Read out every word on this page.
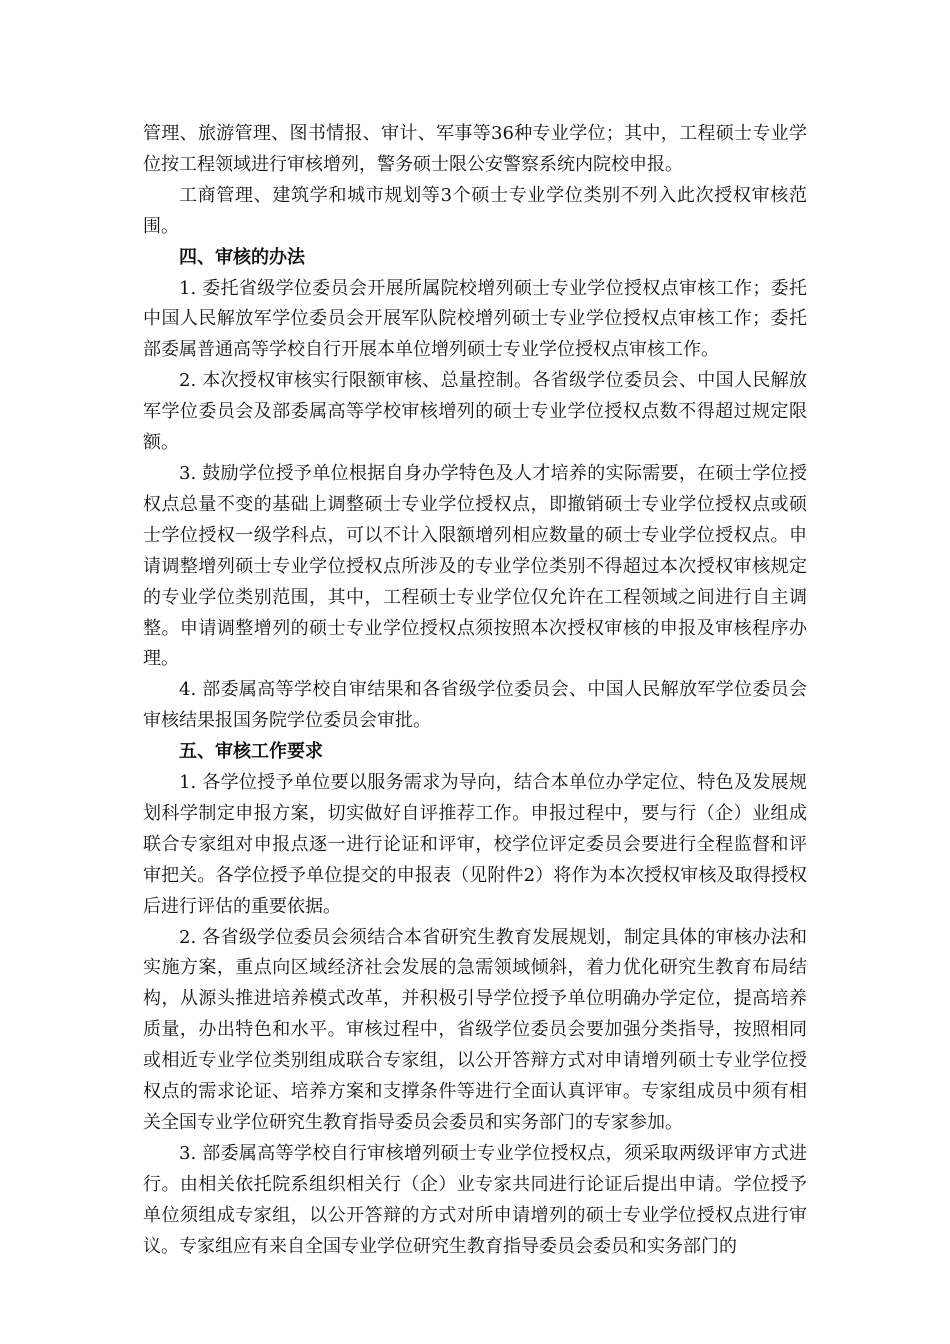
管理、旅游管理、图书情报、审计、军事等36种专业学位；其中，工程硕士专业学位按工程领域进行审核增列，警务硕士限公安警察系统内院校申报。

工商管理、建筑学和城市规划等3个硕士专业学位类别不列入此次授权审核范围。

四、审核的办法

1. 委托省级学位委员会开展所属院校增列硕士专业学位授权点审核工作；委托中国人民解放军学位委员会开展军队院校增列硕士专业学位授权点审核工作；委托部委属普通高等学校自行开展本单位增列硕士专业学位授权点审核工作。

2. 本次授权审核实行限额审核、总量控制。各省级学位委员会、中国人民解放军学位委员会及部委属高等学校审核增列的硕士专业学位授权点数不得超过规定限额。

3. 鼓励学位授予单位根据自身办学特色及人才培养的实际需要，在硕士学位授权点总量不变的基础上调整硕士专业学位授权点，即撤销硕士专业学位授权点或硕士学位授权一级学科点，可以不计入限额增列相应数量的硕士专业学位授权点。申请调整增列硕士专业学位授权点所涉及的专业学位类别不得超过本次授权审核规定的专业学位类别范围，其中，工程硕士专业学位仅允许在工程领域之间进行自主调整。申请调整增列的硕士专业学位授权点须按照本次授权审核的申报及审核程序办理。

4. 部委属高等学校自审结果和各省级学位委员会、中国人民解放军学位委员会审核结果报国务院学位委员会审批。

五、审核工作要求

1. 各学位授予单位要以服务需求为导向，结合本单位办学定位、特色及发展规划科学制定申报方案，切实做好自评推荐工作。申报过程中，要与行（企）业组成联合专家组对申报点逐一进行论证和评审，校学位评定委员会要进行全程监督和评审把关。各学位授予单位提交的申报表（见附件2）将作为本次授权审核及取得授权后进行评估的重要依据。

2. 各省级学位委员会须结合本省研究生教育发展规划，制定具体的审核办法和实施方案，重点向区域经济社会发展的急需领域倾斜，着力优化研究生教育布局结构，从源头推进培养模式改革，并积极引导学位授予单位明确办学定位，提高培养质量，办出特色和水平。审核过程中，省级学位委员会要加强分类指导，按照相同或相近专业学位类别组成联合专家组，以公开答辩方式对申请增列硕士专业学位授权点的需求论证、培养方案和支撑条件等进行全面认真评审。专家组成员中须有相关全国专业学位研究生教育指导委员会委员和实务部门的专家参加。

3. 部委属高等学校自行审核增列硕士专业学位授权点，须采取两级评审方式进行。由相关依托院系组织相关行（企）业专家共同进行论证后提出申请。学位授予单位须组成专家组，以公开答辩的方式对所申请增列的硕士专业学位授权点进行审议。专家组应有来自全国专业学位研究生教育指导委员会委员和实务部门的
